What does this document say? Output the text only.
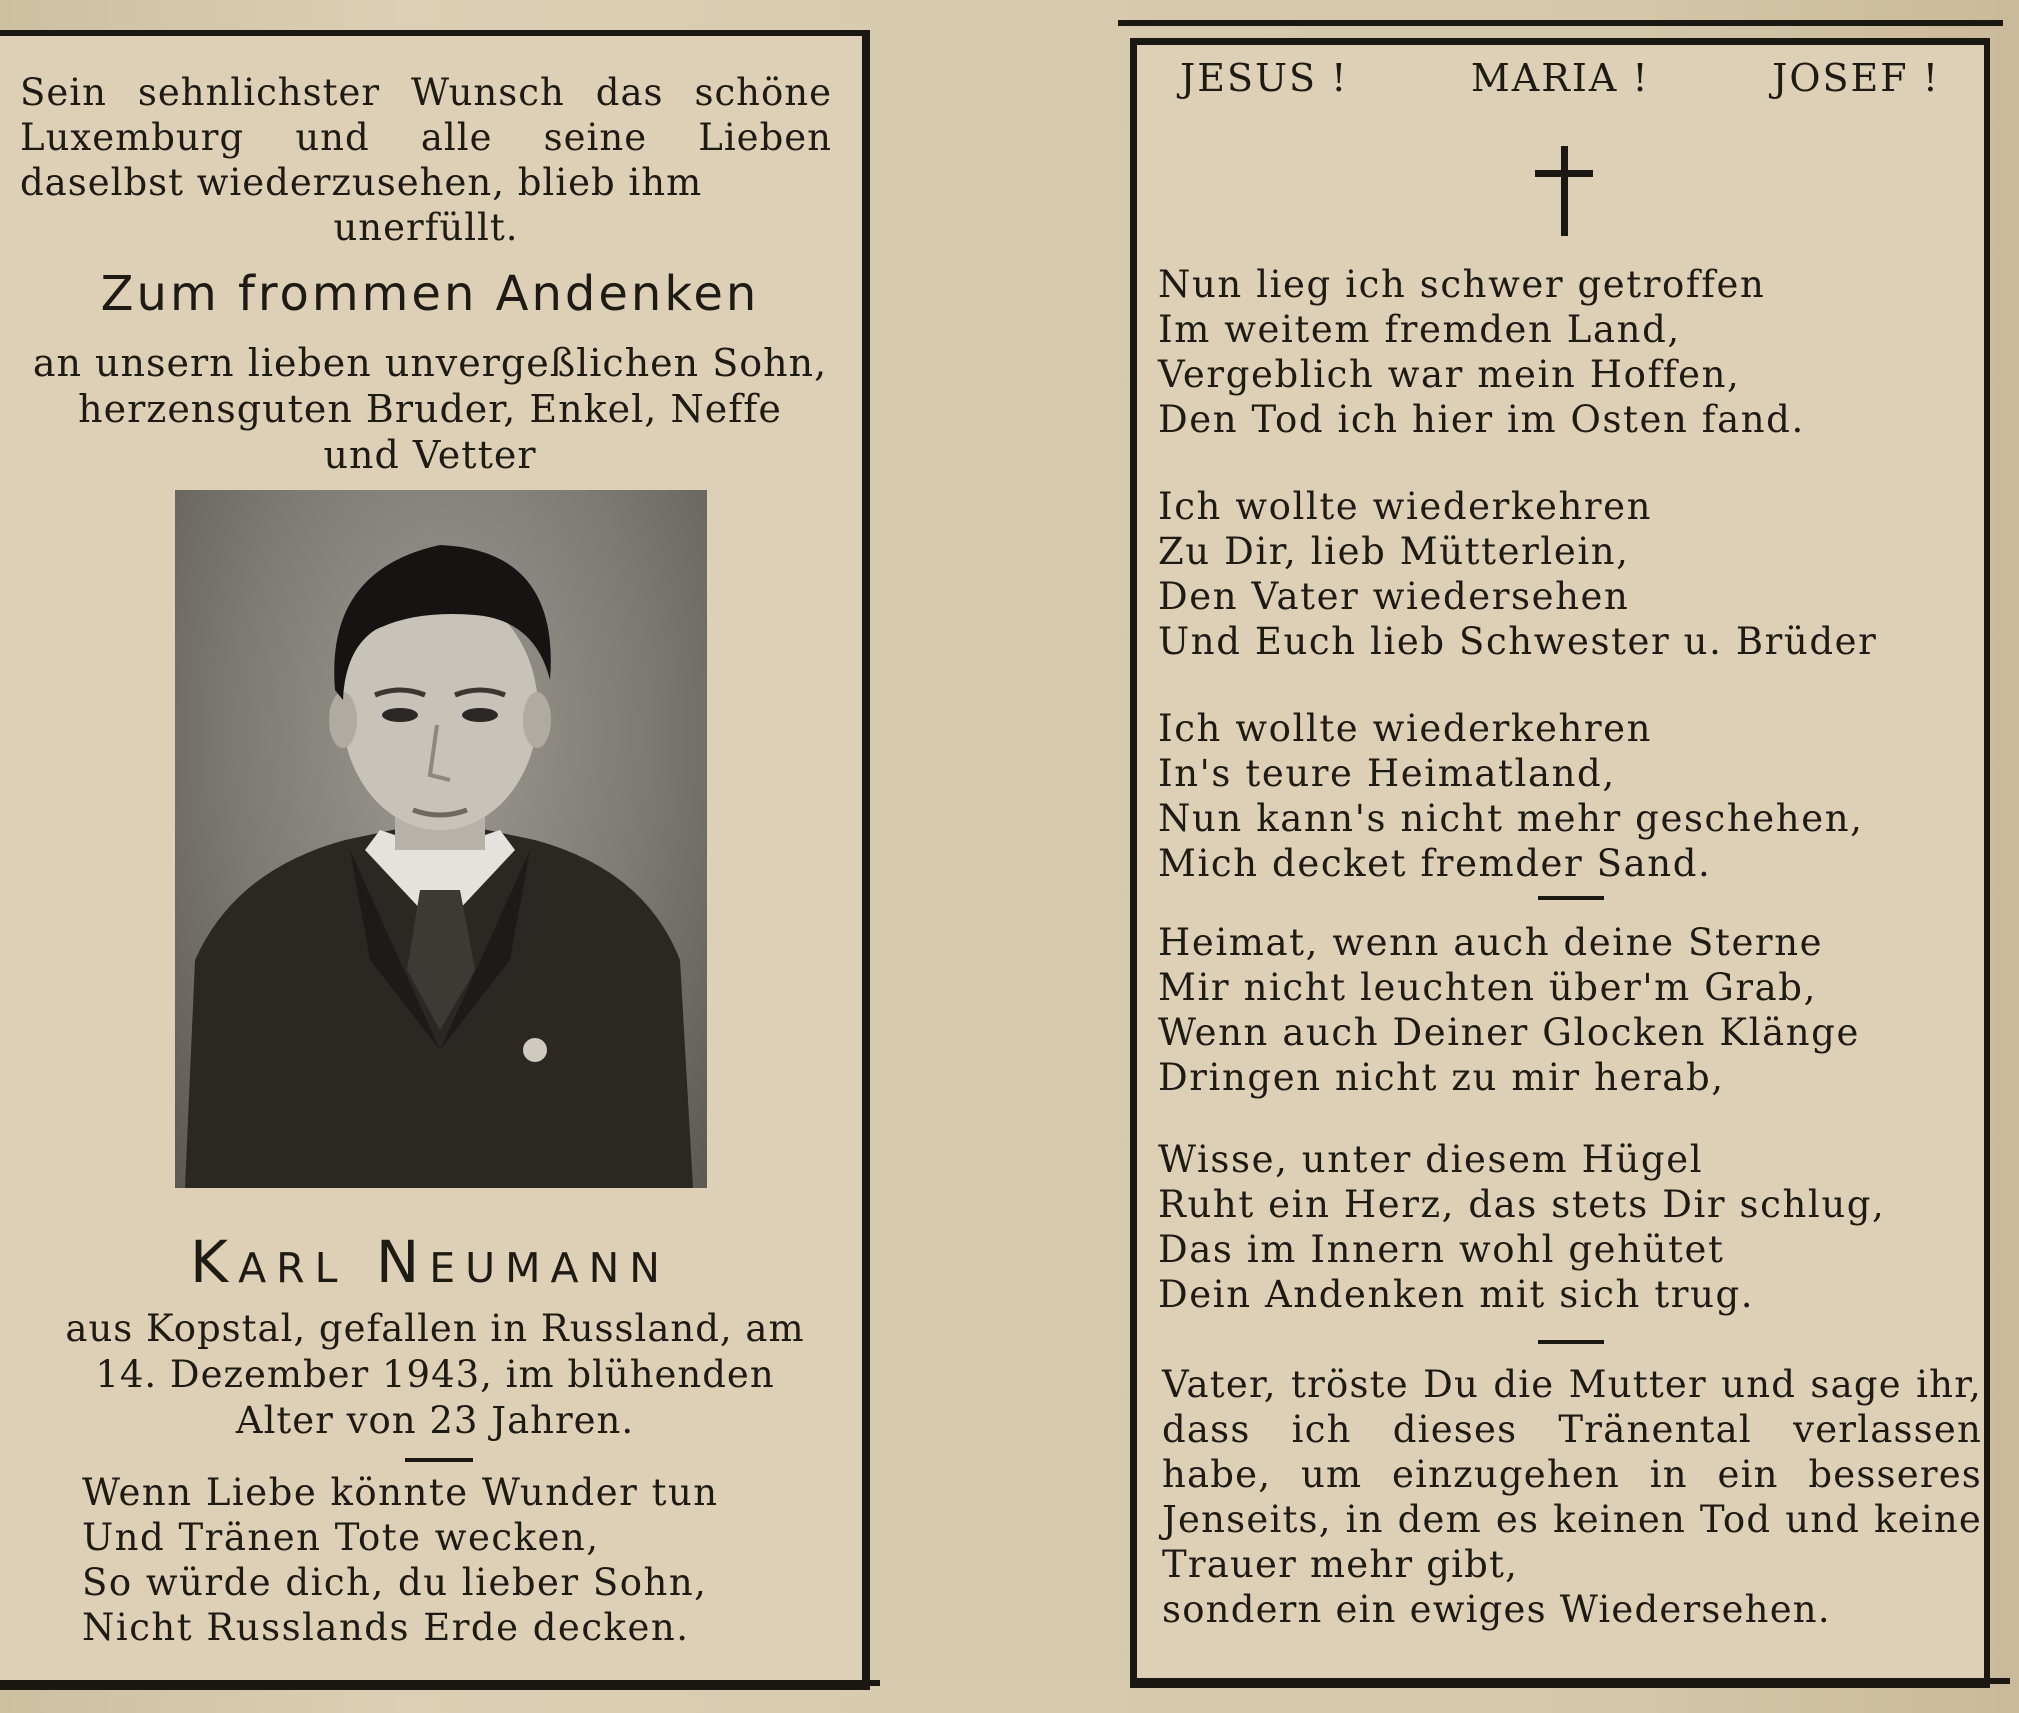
Sein sehnlichster Wunsch das schöne Luxemburg und alle seine Lieben daselbst wiederzusehen, blieb ihm
unerfüllt.
Zum frommen Andenken
an unsern lieben unvergeßlichen Sohn,
herzensguten Bruder, Enkel, Neffe
und Vetter
Karl Neumann
aus Kopstal, gefallen in Russland, am
14. Dezember 1943, im blühenden
Alter von 23 Jahren.
Wenn Liebe könnte Wunder tun
Und Tränen Tote wecken,
So würde dich, du lieber Sohn,
Nicht Russlands Erde decken.
JESUS !	MARIA !	JOSEF !
Nun lieg ich schwer getroffen
Im weitem fremden Land,
Vergeblich war mein Hoffen,
Den Tod ich hier im Osten fand.
Ich wollte wiederkehren
Zu Dir, lieb Mütterlein,
Den Vater wiedersehen
Und Euch lieb Schwester u. Brüder
Ich wollte wiederkehren
In's teure Heimatland,
Nun kann's nicht mehr geschehen,
Mich decket fremder Sand.
Heimat, wenn auch deine Sterne
Mir nicht leuchten über'm Grab,
Wenn auch Deiner Glocken Klänge
Dringen nicht zu mir herab,
Wisse, unter diesem Hügel
Ruht ein Herz, das stets Dir schlug,
Das im Innern wohl gehütet
Dein Andenken mit sich trug.
Vater, tröste Du die Mutter und sage ihr, dass ich dieses Tränental verlassen habe, um einzugehen in ein besseres Jenseits, in dem es keinen Tod und keine Trauer mehr gibt,
sondern ein ewiges Wiedersehen.
